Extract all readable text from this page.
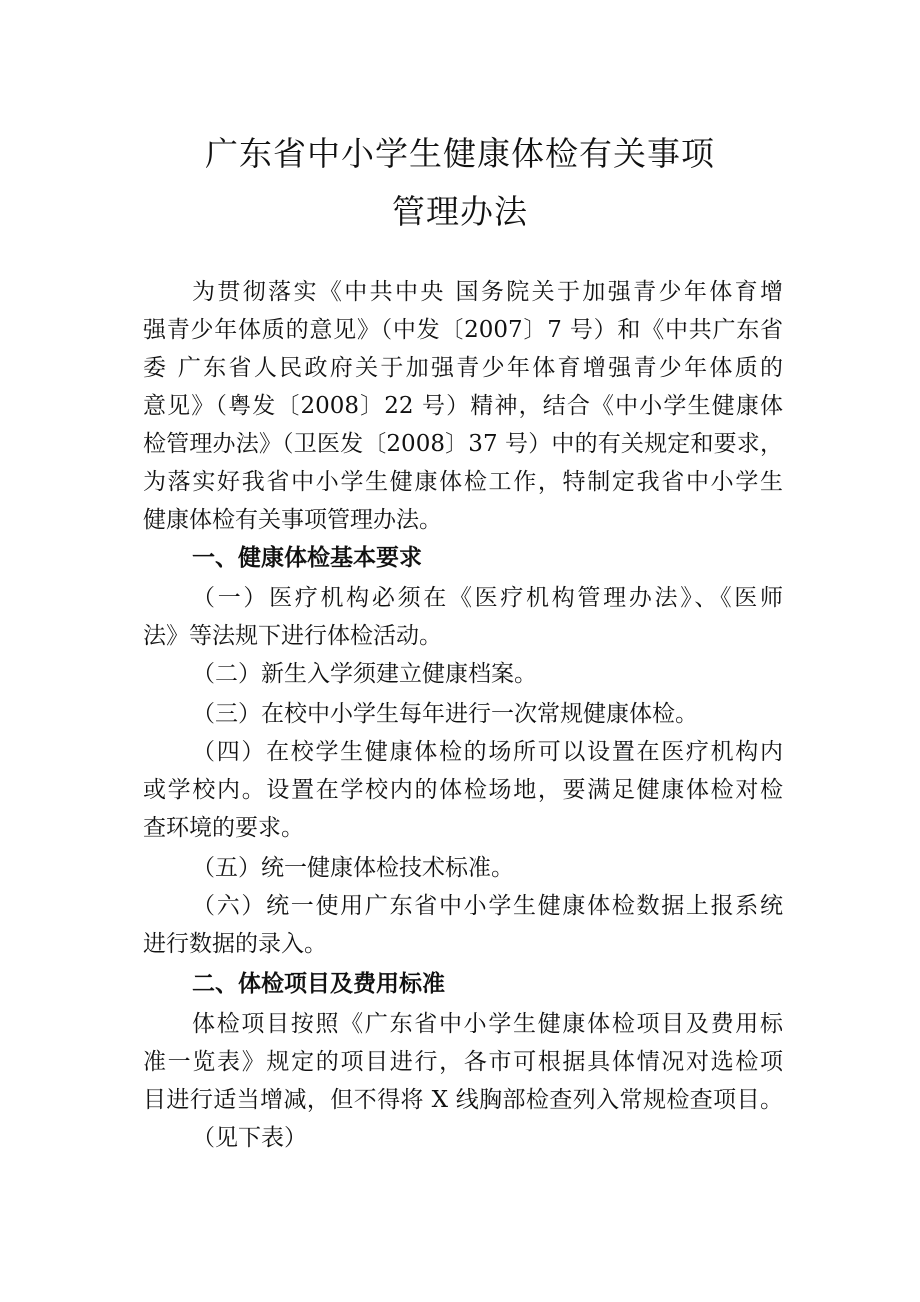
广东省中小学生健康体检有关事项
管理办法
为贯彻落实《中共中央 国务院关于加强青少年体育增
强青少年体质的意见》（中发〔2007〕7 号）和《中共广东省
委 广东省人民政府关于加强青少年体育增强青少年体质的
意见》（粤发〔2008〕22 号）精神，结合《中小学生健康体
检管理办法》（卫医发〔2008〕37 号）中的有关规定和要求，
为落实好我省中小学生健康体检工作，特制定我省中小学生
健康体检有关事项管理办法。
一、健康体检基本要求
（一）医疗机构必须在《医疗机构管理办法》、《医师
法》等法规下进行体检活动。
（二）新生入学须建立健康档案。
（三）在校中小学生每年进行一次常规健康体检。
（四）在校学生健康体检的场所可以设置在医疗机构内
或学校内。设置在学校内的体检场地，要满足健康体检对检
查环境的要求。
（五）统一健康体检技术标准。
（六）统一使用广东省中小学生健康体检数据上报系统
进行数据的录入。
二、体检项目及费用标准
体检项目按照《广东省中小学生健康体检项目及费用标
准一览表》规定的项目进行，各市可根据具体情况对选检项
目进行适当增减，但不得将 X 线胸部检查列入常规检查项目。
（见下表）
